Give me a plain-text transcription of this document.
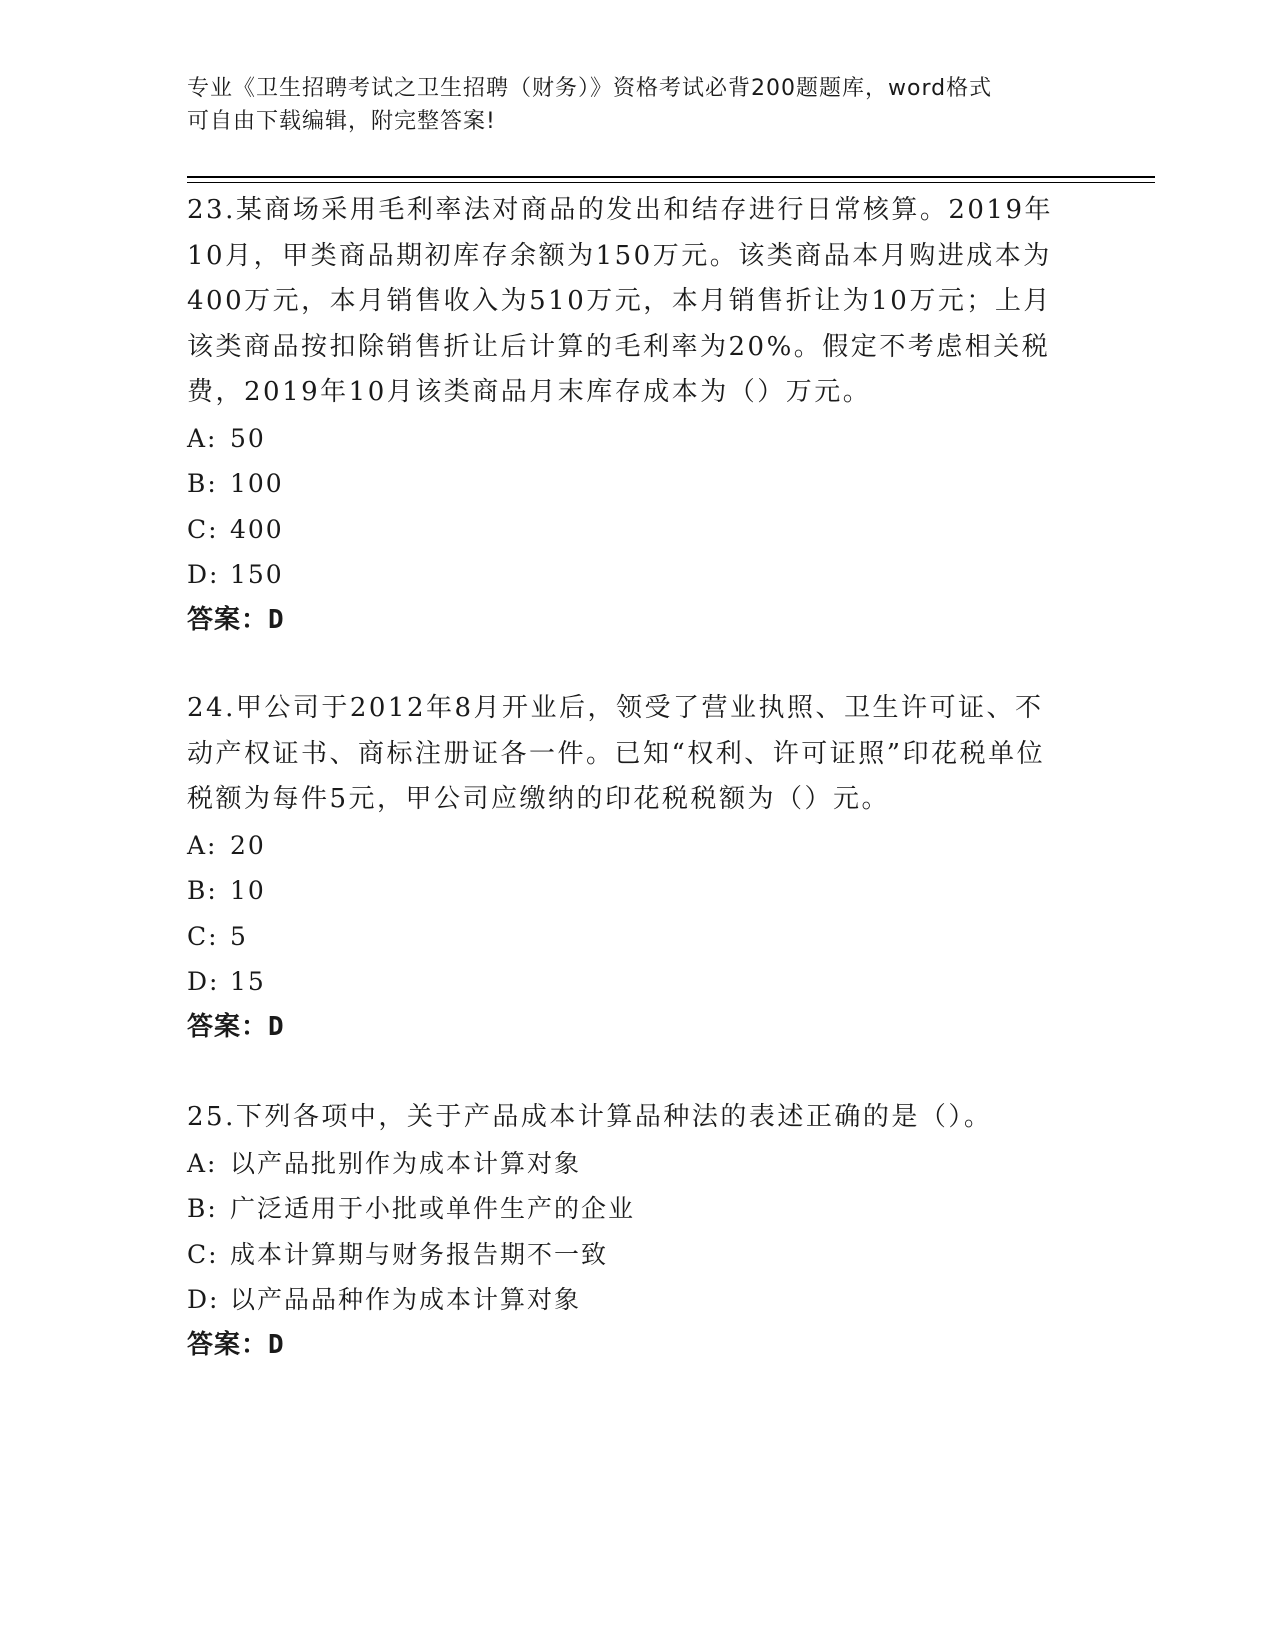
专业《卫生招聘考试之卫生招聘（财务）》资格考试必背200题题库，word格式
可自由下载编辑，附完整答案!

23.某商场采用毛利率法对商品的发出和结存进行日常核算。2019年10月，甲类商品期初库存余额为150万元。该类商品本月购进成本为400万元，本月销售收入为510万元，本月销售折让为10万元；上月该类商品按扣除销售折让后计算的毛利率为20%。假定不考虑相关税费，2019年10月该类商品月末库存成本为（）万元。

A: 50

B: 100

C: 400

D: 150

答案：D

24.甲公司于2012年8月开业后，领受了营业执照、卫生许可证、不动产权证书、商标注册证各一件。已知“权利、许可证照”印花税单位税额为每件5元，甲公司应缴纳的印花税税额为（）元。

A: 20

B: 10

C: 5

D: 15

答案：D

25.下列各项中，关于产品成本计算品种法的表述正确的是（）。

A: 以产品批别作为成本计算对象

B: 广泛适用于小批或单件生产的企业

C: 成本计算期与财务报告期不一致

D: 以产品品种作为成本计算对象

答案：D
